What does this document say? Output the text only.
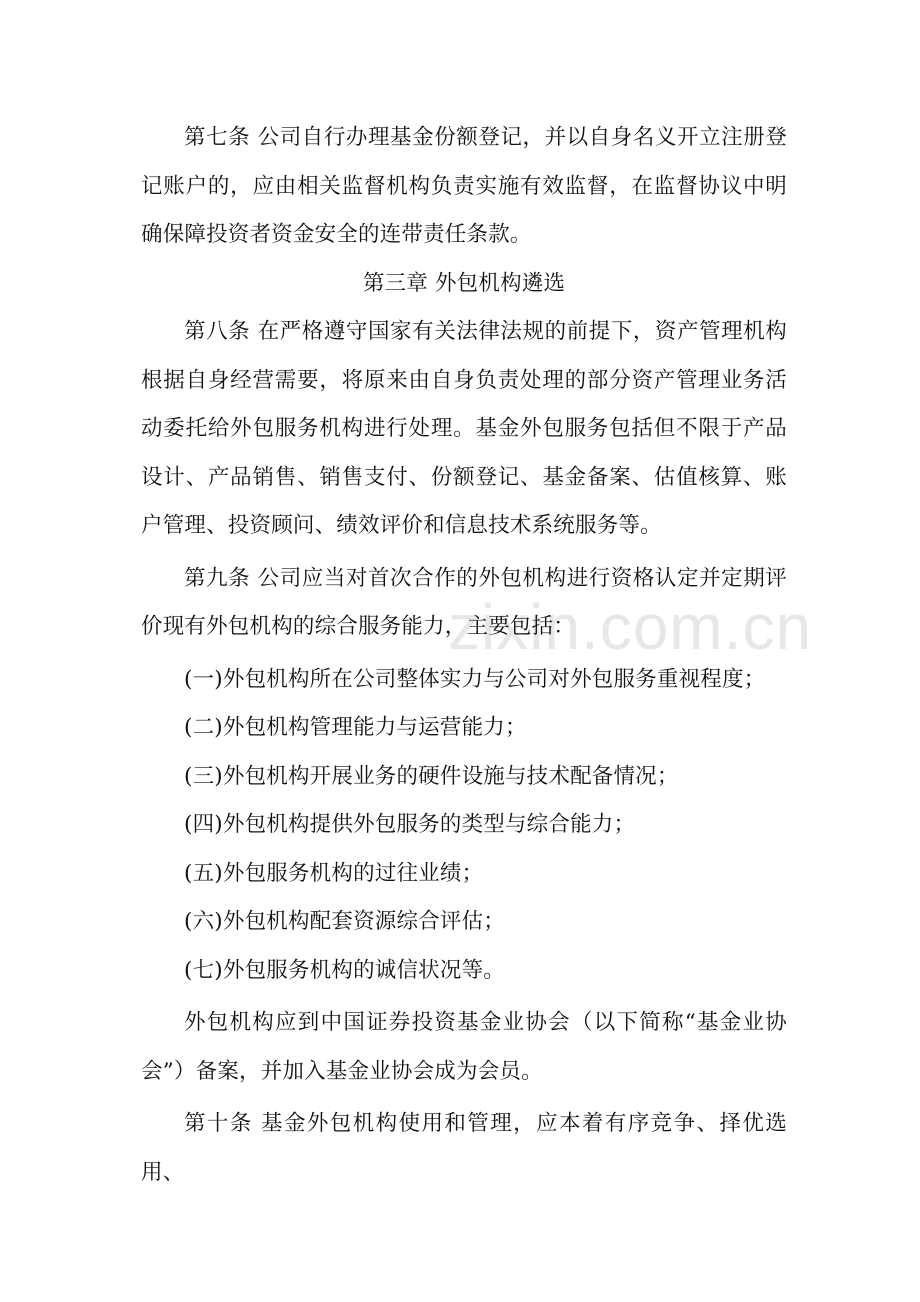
zixin.com.cn

第七条 公司自行办理基金份额登记，并以自身名义开立注册登记账户的，应由相关监督机构负责实施有效监督，在监督协议中明确保障投资者资金安全的连带责任条款。

第三章 外包机构遴选

第八条 在严格遵守国家有关法律法规的前提下，资产管理机构根据自身经营需要，将原来由自身负责处理的部分资产管理业务活动委托给外包服务机构进行处理。基金外包服务包括但不限于产品设计、产品销售、销售支付、份额登记、基金备案、估值核算、账户管理、投资顾问、绩效评价和信息技术系统服务等。

第九条 公司应当对首次合作的外包机构进行资格认定并定期评价现有外包机构的综合服务能力，主要包括：

(一)外包机构所在公司整体实力与公司对外包服务重视程度；

(二)外包机构管理能力与运营能力；

(三)外包机构开展业务的硬件设施与技术配备情况；

(四)外包机构提供外包服务的类型与综合能力；

(五)外包服务机构的过往业绩；

(六)外包机构配套资源综合评估；

(七)外包服务机构的诚信状况等。

外包机构应到中国证券投资基金业协会（以下简称“基金业协会”）备案，并加入基金业协会成为会员。

第十条 基金外包机构使用和管理，应本着有序竞争、择优选用、
